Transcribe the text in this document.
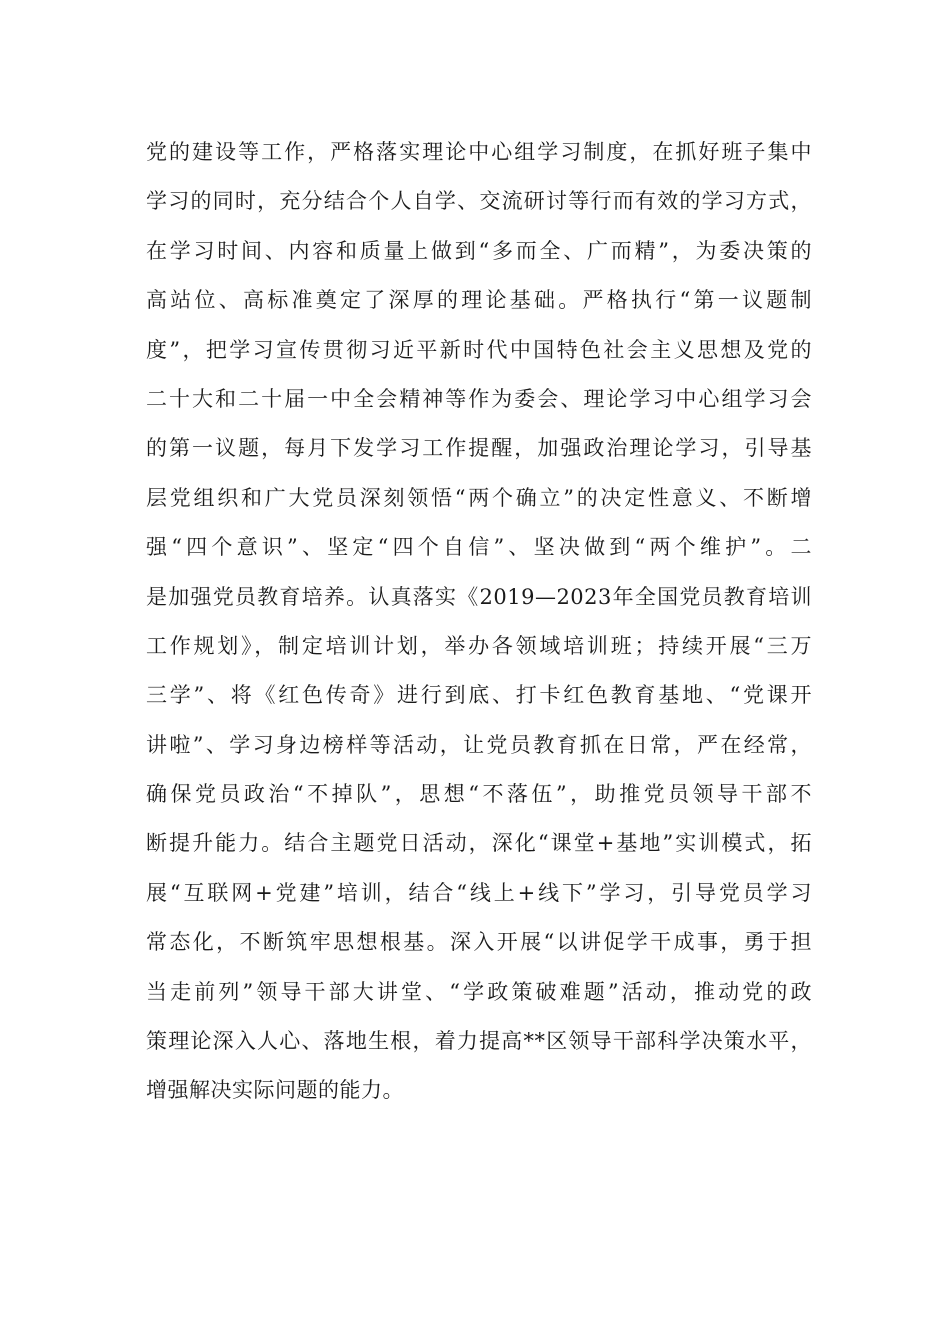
党的建设等工作，严格落实理论中心组学习制度，在抓好班子集中
学习的同时，充分结合个人自学、交流研讨等行而有效的学习方式，
在学习时间、内容和质量上做到“多而全、广而精”，为委决策的
高站位、高标准奠定了深厚的理论基础。严格执行“第一议题制
度”，把学习宣传贯彻习近平新时代中国特色社会主义思想及党的
二十大和二十届一中全会精神等作为委会、理论学习中心组学习会
的第一议题，每月下发学习工作提醒，加强政治理论学习，引导基
层党组织和广大党员深刻领悟“两个确立”的决定性意义、不断增
强“四个意识”、坚定“四个自信”、坚决做到“两个维护”。二
是加强党员教育培养。认真落实《2019—2023年全国党员教育培训
工作规划》，制定培训计划，举办各领域培训班；持续开展“三万
三学”、将《红色传奇》进行到底、打卡红色教育基地、“党课开
讲啦”、学习身边榜样等活动，让党员教育抓在日常，严在经常，
确保党员政治“不掉队”，思想“不落伍”，助推党员领导干部不
断提升能力。结合主题党日活动，深化“课堂+基地”实训模式，拓
展“互联网+党建”培训，结合“线上+线下”学习，引导党员学习
常态化，不断筑牢思想根基。深入开展“以讲促学干成事，勇于担
当走前列”领导干部大讲堂、“学政策破难题”活动，推动党的政
策理论深入人心、落地生根，着力提高**区领导干部科学决策水平，
增强解决实际问题的能力。
